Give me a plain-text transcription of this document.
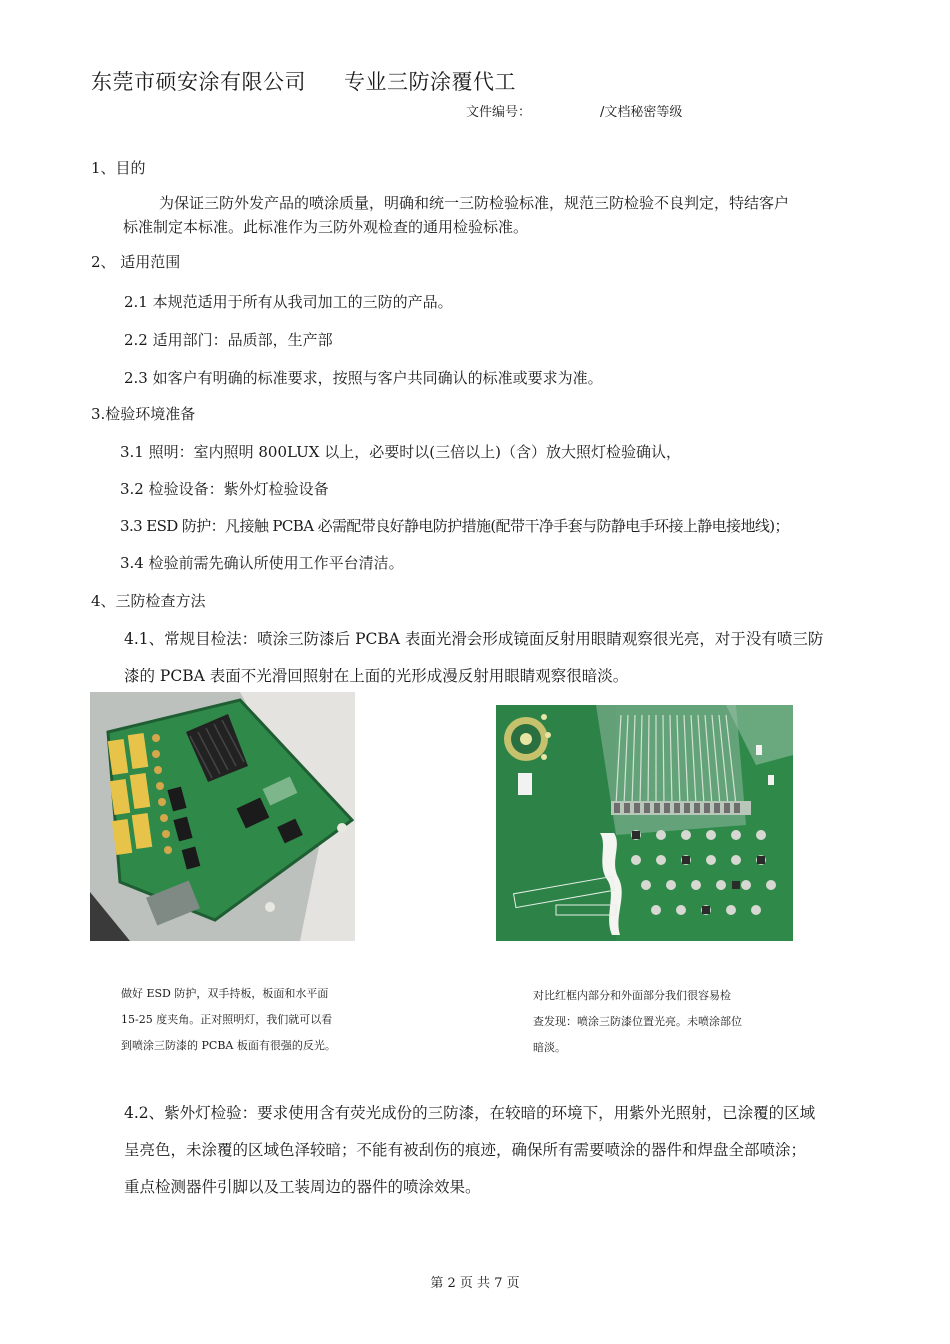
东莞市硕安涂有限公司 专业三防涂覆代工
文件编号：	/文档秘密等级
1、目的
为保证三防外发产品的喷涂质量，明确和统一三防检验标准，规范三防检验不良判定，特结客户
标准制定本标准。此标准作为三防外观检查的通用检验标准。
2、 适用范围
2.1 本规范适用于所有从我司加工的三防的产品。
2.2 适用部门：品质部，生产部
2.3 如客户有明确的标准要求，按照与客户共同确认的标准或要求为准。
3.检验环境准备
3.1 照明：室内照明 800LUX 以上，必要时以(三倍以上)（含）放大照灯检验确认，
3.2 检验设备：紫外灯检验设备
3.3 ESD 防护：凡接触 PCBA 必需配带良好静电防护措施(配带干净手套与防静电手环接上静电接地线)；
3.4 检验前需先确认所使用工作平台清洁。
4、三防检查方法
4.1、常规目检法：喷涂三防漆后 PCBA 表面光滑会形成镜面反射用眼睛观察很光亮，对于没有喷三防
漆的 PCBA 表面不光滑回照射在上面的光形成漫反射用眼睛观察很暗淡。
做好 ESD 防护，双手持板，板面和水平面
15-25 度夹角。正对照明灯，我们就可以看
到喷涂三防漆的 PCBA 板面有很强的反光。
对比红框内部分和外面部分我们很容易检
查发现：喷涂三防漆位置光亮。未喷涂部位
暗淡。
4.2、紫外灯检验：要求使用含有荧光成份的三防漆，在较暗的环境下，用紫外光照射，已涂覆的区域
呈亮色，未涂覆的区域色泽较暗；不能有被刮伤的痕迹，确保所有需要喷涂的器件和焊盘全部喷涂；
重点检测器件引脚以及工装周边的器件的喷涂效果。
第 2 页 共 7 页
